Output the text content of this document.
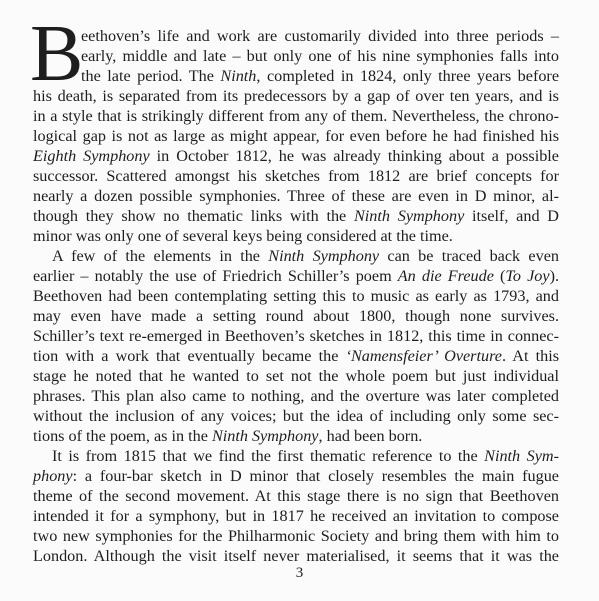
B
eethoven’s life and work are customarily divided into three periods –
early, middle and late – but only one of his nine symphonies falls into
the late period. The Ninth, completed in 1824, only three years before
his death, is separated from its predecessors by a gap of over ten years, and is
in a style that is strikingly different from any of them. Nevertheless, the chrono-
logical gap is not as large as might appear, for even before he had finished his
Eighth Symphony in October 1812, he was already thinking about a possible
successor. Scattered amongst his sketches from 1812 are brief concepts for
nearly a dozen possible symphonies. Three of these are even in D minor, al-
though they show no thematic links with the Ninth Symphony itself, and D
minor was only one of several keys being considered at the time.
A few of the elements in the Ninth Symphony can be traced back even
earlier – notably the use of Friedrich Schiller’s poem An die Freude (To Joy).
Beethoven had been contemplating setting this to music as early as 1793, and
may even have made a setting round about 1800, though none survives.
Schiller’s text re-emerged in Beethoven’s sketches in 1812, this time in connec-
tion with a work that eventually became the ‘Namensfeier’ Overture. At this
stage he noted that he wanted to set not the whole poem but just individual
phrases. This plan also came to nothing, and the overture was later completed
without the inclusion of any voices; but the idea of including only some sec-
tions of the poem, as in the Ninth Symphony, had been born.
It is from 1815 that we find the first thematic reference to the Ninth Sym-
phony: a four-bar sketch in D minor that closely resembles the main fugue
theme of the second movement. At this stage there is no sign that Beethoven
intended it for a symphony, but in 1817 he received an invitation to compose
two new symphonies for the Philharmonic Society and bring them with him to
London. Although the visit itself never materialised, it seems that it was the
3
